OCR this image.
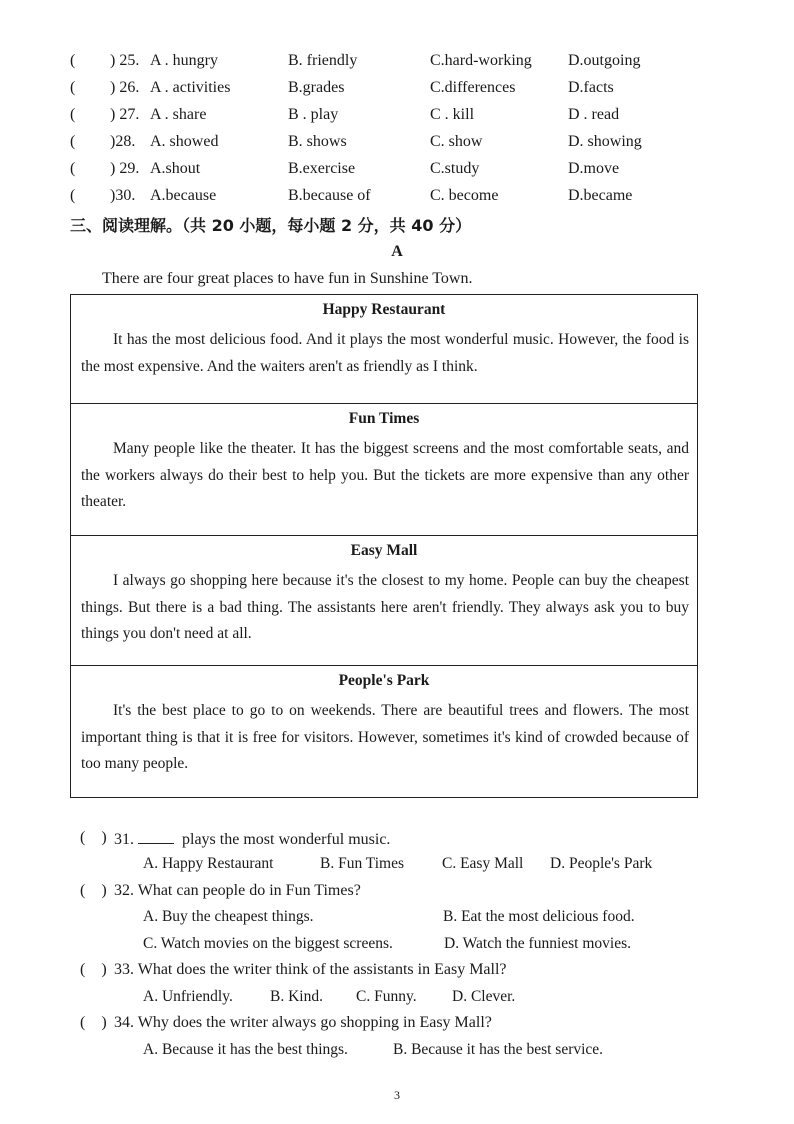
( ) 25. A . hungry	B. friendly	C.hard-working D.outgoing
( ) 26. A . activities	B.grades	C.differences	D.facts
( ) 27. A . share	B . play	C . kill	D . read
( )28. A. showed	B. shows	C. show	D. showing
( ) 29. A.shout	B.exercise	C.study	D.move
( )30. A.because	B.because of	C. become	D.became
三、阅读理解。（共 20 小题，每小题 2 分，共 40 分）
A
There are four great places to have fun in Sunshine Town.
Happy Restaurant

It has the most delicious food. And it plays the most wonderful music. However, the food is the most expensive. And the waiters aren't as friendly as I think.

Fun Times

Many people like the theater. It has the biggest screens and the most comfortable seats, and the workers always do their best to help you. But the tickets are more expensive than any other theater.

Easy Mall

I always go shopping here because it's the closest to my home. People can buy the cheapest things. But there is a bad thing. The assistants here aren't friendly. They always ask you to buy things you don't need at all.

People's Park

It's the best place to go to on weekends. There are beautiful trees and flowers. The most important thing is that it is free for visitors. However, sometimes it's kind of crowded because of too many people.

( ) 31.	plays the most wonderful music.
A. Happy Restaurant	B. Fun Times C. Easy Mall D. People's Park
( ) 32. What can people do in Fun Times?
A. Buy the cheapest things.	B. Eat the most delicious food.
C. Watch movies on the biggest screens.	D. Watch the funniest movies.
( ) 33. What does the writer think of the assistants in Easy Mall?
A. Unfriendly. B. Kind. C. Funny. D. Clever.
( ) 34. Why does the writer always go shopping in Easy Mall?
A. Because it has the best things.	B. Because it has the best service.
3
